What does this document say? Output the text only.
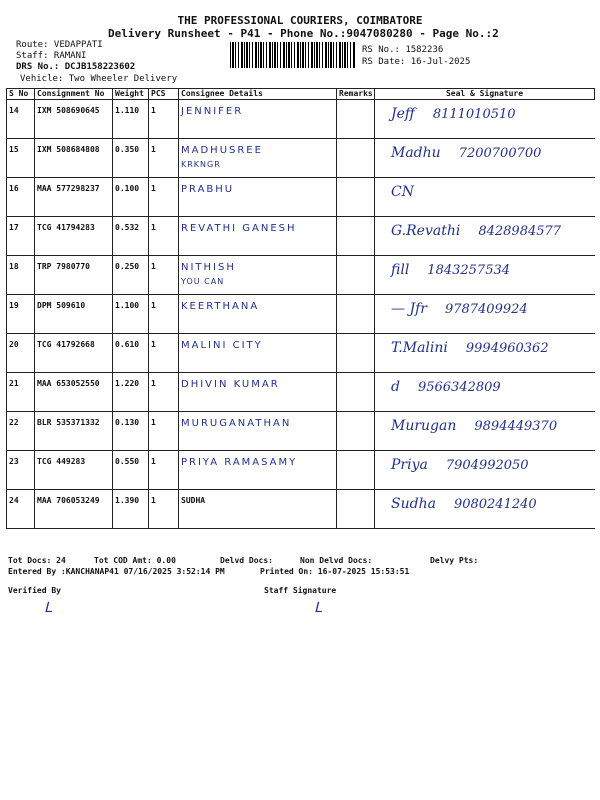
THE PROFESSIONAL COURIERS, COIMBATORE
Delivery Runsheet - P41 - Phone No.:9047080280 - Page No.:2
Route: VEDAPPATI
Staff: RAMANI
DRS No.: DCJB158223602
Vehicle: Two Wheeler Delivery
RS No.: 1582236
RS Date: 16-Jul-2025
S No	Consignment No	Weight	PCS	Consignee Details	Remarks	Seal & Signature
14	IXM 508690645	1.110	1	JENNIFER		Jeff 8111010510
15	IXM 508684808	0.350	1	MADHUSREE
KRKNGR		Madhu 7200700700
16	MAA 577298237	0.100	1	PRABHU		CN
17	TCG 41794283	0.532	1	REVATHI GANESH		G.Revathi 8428984577
18	TRP 7980770	0.250	1	NITHISH
YOU CAN		fill 1843257534
19	DPM 509610	1.100	1	KEERTHANA		— Jfr 9787409924
20	TCG 41792668	0.610	1	MALINI CITY		T.Malini 9994960362
21	MAA 653052550	1.220	1	DHIVIN KUMAR		d 9566342809
22	BLR 535371332	0.130	1	MURUGANATHAN		Murugan 9894449370
23	TCG 449283	0.550	1	PRIYA RAMASAMY		Priya 7904992050
24	MAA 706053249	1.390	1	SUDHA		Sudha 9080241240
Tot Docs: 24	Tot COD Amt: 0.00	Delvd Docs:	Non Delvd Docs:	Delvy Pts:
Entered By :KANCHANAP41 07/16/2025 3:52:14 PM	Printed On: 16-07-2025 15:53:51
Verified By	Staff Signature
ᒪ	ᒪ
